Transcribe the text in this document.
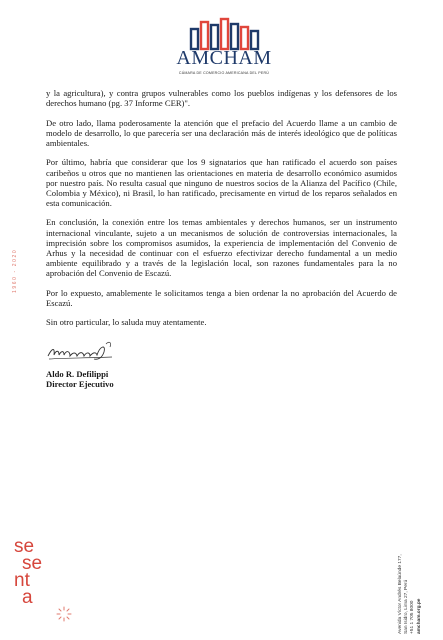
AMCHAM
CÁMARA DE COMERCIO AMERICANA DEL PERÚ

y la agricultura), y contra grupos vulnerables como los pueblos indígenas y los defensores de los derechos humano (pg. 37 Informe CER)".

De otro lado, llama poderosamente la atención que el prefacio del Acuerdo llame a un cambio de modelo de desarrollo, lo que parecería ser una declaración más de interés ideológico que de políticas ambientales.

Por último, habría que considerar que los 9 signatarios que han ratificado el acuerdo son países caribeños u otros que no mantienen las orientaciones en materia de desarrollo económico asumidos por nuestro país. No resulta casual que ninguno de nuestros socios de la Alianza del Pacífico (Chile, Colombia y México), ni Brasil, lo han ratificado, precisamente en virtud de los reparos señalados en esta comunicación.

En conclusión, la conexión entre los temas ambientales y derechos humanos, ser un instrumento internacional vinculante, sujeto a un mecanismos de solución de controversias internacionales, la imprecisión sobre los compromisos asumidos, la experiencia de implementación del Convenio de Arhus y la necesidad de continuar con el esfuerzo efectivizar derecho fundamental a un medio ambiente equilibrado y a través de la legislación local, son razones fundamentales para la no aprobación del Convenio de Escazú.

Por lo expuesto, amablemente le solicitamos tenga a bien ordenar la no aprobación del Acuerdo de Escazú.

Sin otro particular, lo saluda muy atentamente.

Aldo R. Defilippi
Director Ejecutivo
1960 - 2020
se
se
nt
a	Avenida Víctor Andrés Belaúnde 177, San Isidro, Lima 27, Perú +51 1 705 8000 amcham.org.pe
